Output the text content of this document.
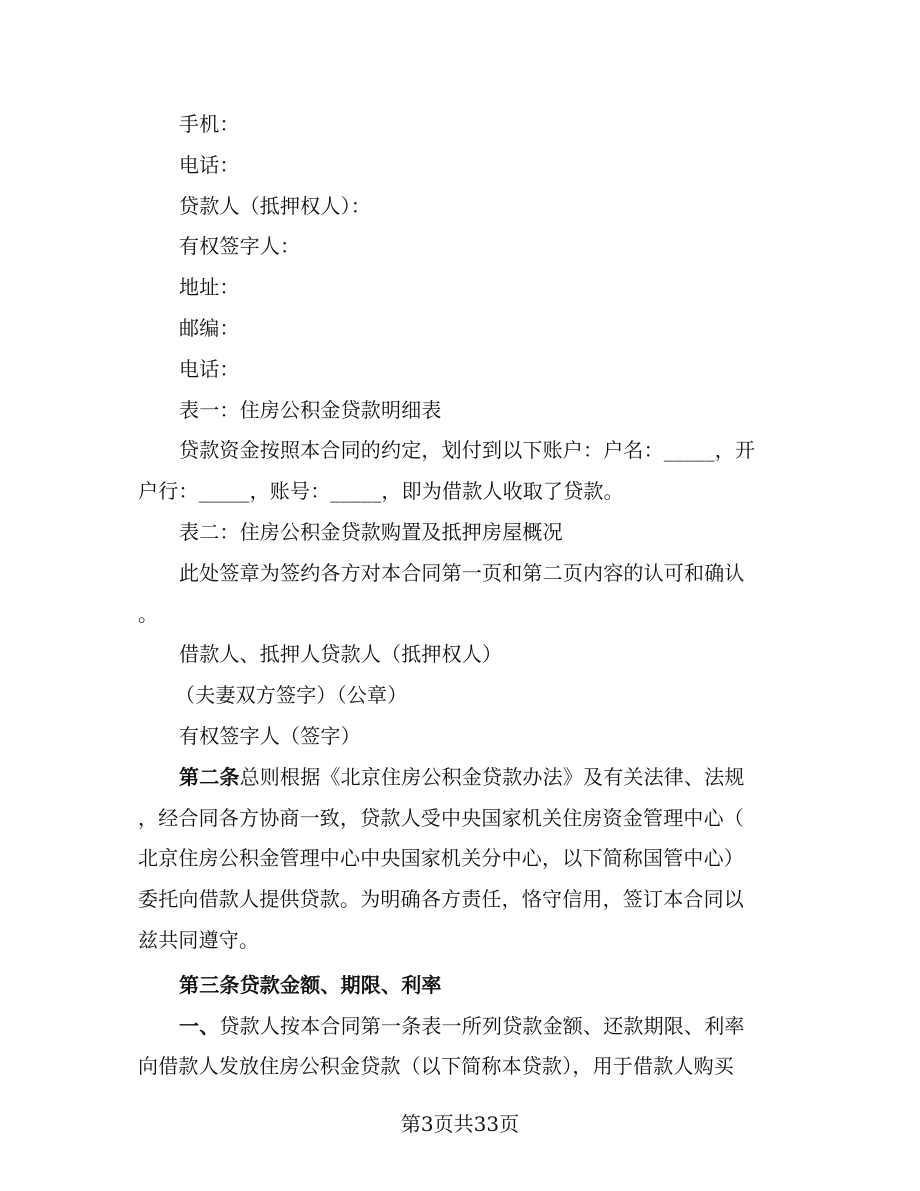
手机：
电话：
贷款人（抵押权人）：
有权签字人：
地址：
邮编：
电话：
表一：住房公积金贷款明细表
贷款资金按照本合同的约定，划付到以下账户：户名：_____，开
户行：_____，账号：_____，即为借款人收取了贷款。
表二：住房公积金贷款购置及抵押房屋概况
此处签章为签约各方对本合同第一页和第二页内容的认可和确认
。
借款人、抵押人贷款人（抵押权人）
（夫妻双方签字）（公章）
有权签字人（签字）
第二条总则根据《北京住房公积金贷款办法》及有关法律、法规
，经合同各方协商一致，贷款人受中央国家机关住房资金管理中心（
北京住房公积金管理中心中央国家机关分中心，以下简称国管中心）
委托向借款人提供贷款。为明确各方责任，恪守信用，签订本合同以
兹共同遵守。
第三条贷款金额、期限、利率
一、贷款人按本合同第一条表一所列贷款金额、还款期限、利率
向借款人发放住房公积金贷款（以下简称本贷款），用于借款人购买
第3页共33页
